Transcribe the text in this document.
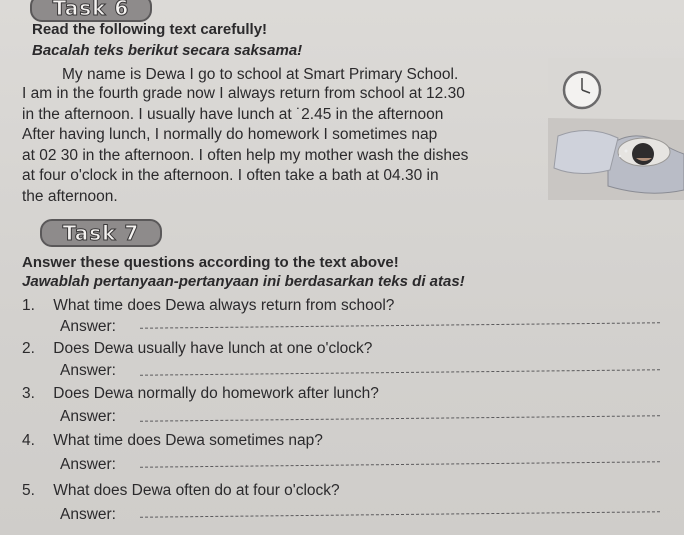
Task 6
Read the following text carefully!
Bacalah teks berikut secara saksama!
My name is Dewa I go to school at Smart Primary School.
I am in the fourth grade now I always return from school at 12.30
in the afternoon. I usually have lunch at ˙2.45 in the afternoon
After having lunch, I normally do homework I sometimes nap
at 02 30 in the afternoon. I often help my mother wash the dishes
at four o'clock in the afternoon. I often take a bath at 04.30 in
the afternoon.
Task 7
Answer these questions according to the text above!
Jawablah pertanyaan-pertanyaan ini berdasarkan teks di atas!
1. What time does Dewa always return from school?
Answer:
2. Does Dewa usually have lunch at one o'clock?
Answer:
3. Does Dewa normally do homework after lunch?
Answer:
4. What time does Dewa sometimes nap?
Answer:
5. What does Dewa often do at four o'clock?
Answer:
